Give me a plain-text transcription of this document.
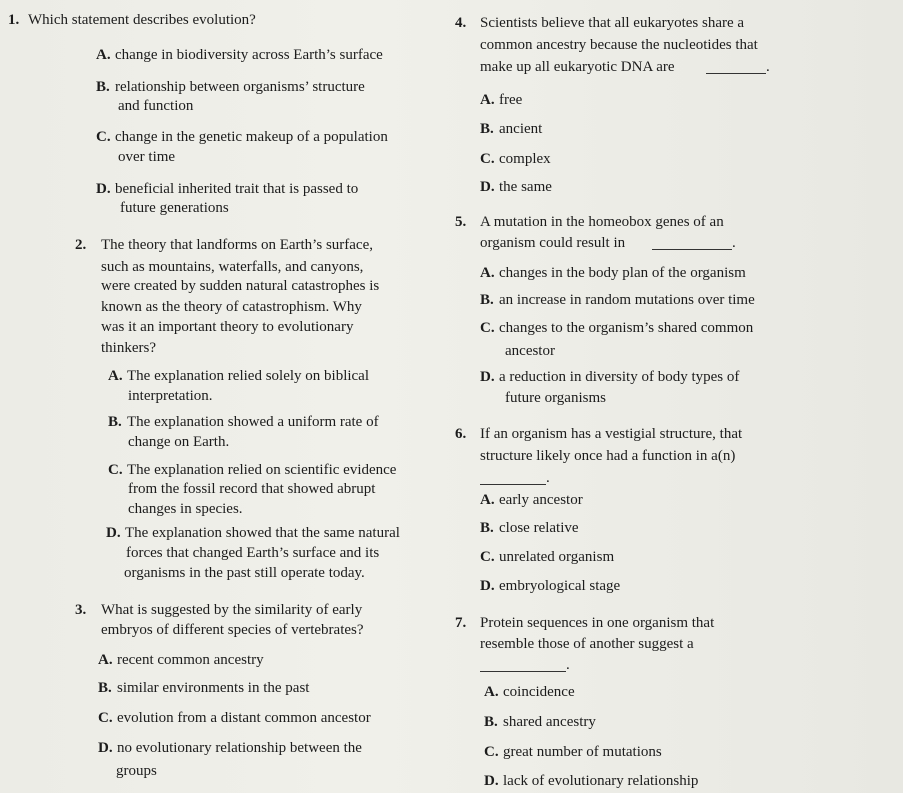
1. Which statement describes evolution?
A. change in biodiversity across Earth’s surface
B. relationship between organisms’ structure
and function
C. change in the genetic makeup of a population
over time
D. beneficial inherited trait that is passed to
future generations
2. The theory that landforms on Earth’s surface,
such as mountains, waterfalls, and canyons,
were created by sudden natural catastrophes is
known as the theory of catastrophism. Why
was it an important theory to evolutionary
thinkers?
A. The explanation relied solely on biblical
interpretation.
B. The explanation showed a uniform rate of
change on Earth.
C. The explanation relied on scientific evidence
from the fossil record that showed abrupt
changes in species.
D. The explanation showed that the same natural
forces that changed Earth’s surface and its
organisms in the past still operate today.
3. What is suggested by the similarity of early
embryos of different species of vertebrates?
A. recent common ancestry
B. similar environments in the past
C. evolution from a distant common ancestor
D. no evolutionary relationship between the
groups
4. Scientists believe that all eukaryotes share a
common ancestry because the nucleotides that
make up all eukaryotic DNA are	.
A. free
B. ancient
C. complex
D. the same
5. A mutation in the homeobox genes of an
organism could result in	.
A. changes in the body plan of the organism
B. an increase in random mutations over time
C. changes to the organism’s shared common
ancestor
D. a reduction in diversity of body types of
future organisms
6. If an organism has a vestigial structure, that
structure likely once had a function in a(n)
.
A. early ancestor
B. close relative
C. unrelated organism
D. embryological stage
7. Protein sequences in one organism that
resemble those of another suggest a
.
A. coincidence
B. shared ancestry
C. great number of mutations
D. lack of evolutionary relationship
